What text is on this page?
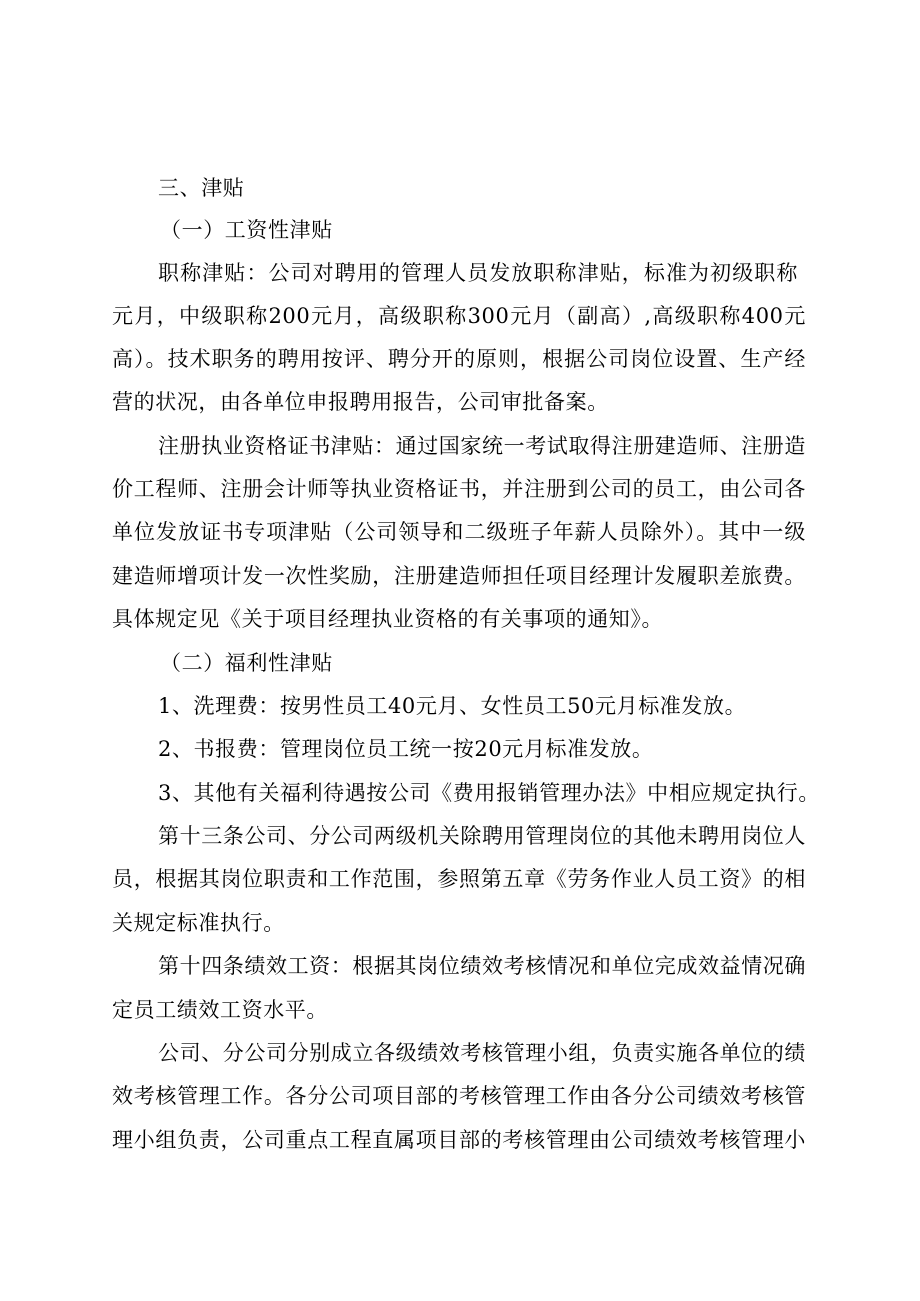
三、津贴
（一）工资性津贴
职称津贴：公司对聘用的管理人员发放职称津贴，标准为初级职称
元月，中级职称200元月，高级职称300元月（副高）,高级职称400元
高）。技术职务的聘用按评、聘分开的原则，根据公司岗位设置、生产经
营的状况，由各单位申报聘用报告，公司审批备案。
注册执业资格证书津贴：通过国家统一考试取得注册建造师、注册造
价工程师、注册会计师等执业资格证书，并注册到公司的员工，由公司各
单位发放证书专项津贴（公司领导和二级班子年薪人员除外）。其中一级
建造师增项计发一次性奖励，注册建造师担任项目经理计发履职差旅费。
具体规定见《关于项目经理执业资格的有关事项的通知》。
（二）福利性津贴
1、洗理费：按男性员工40元月、女性员工50元月标准发放。
2、书报费：管理岗位员工统一按20元月标准发放。
3、其他有关福利待遇按公司《费用报销管理办法》中相应规定执行。
第十三条公司、分公司两级机关除聘用管理岗位的其他未聘用岗位人
员，根据其岗位职责和工作范围，参照第五章《劳务作业人员工资》的相
关规定标准执行。
第十四条绩效工资：根据其岗位绩效考核情况和单位完成效益情况确
定员工绩效工资水平。
公司、分公司分别成立各级绩效考核管理小组，负责实施各单位的绩
效考核管理工作。各分公司项目部的考核管理工作由各分公司绩效考核管
理小组负责，公司重点工程直属项目部的考核管理由公司绩效考核管理小
